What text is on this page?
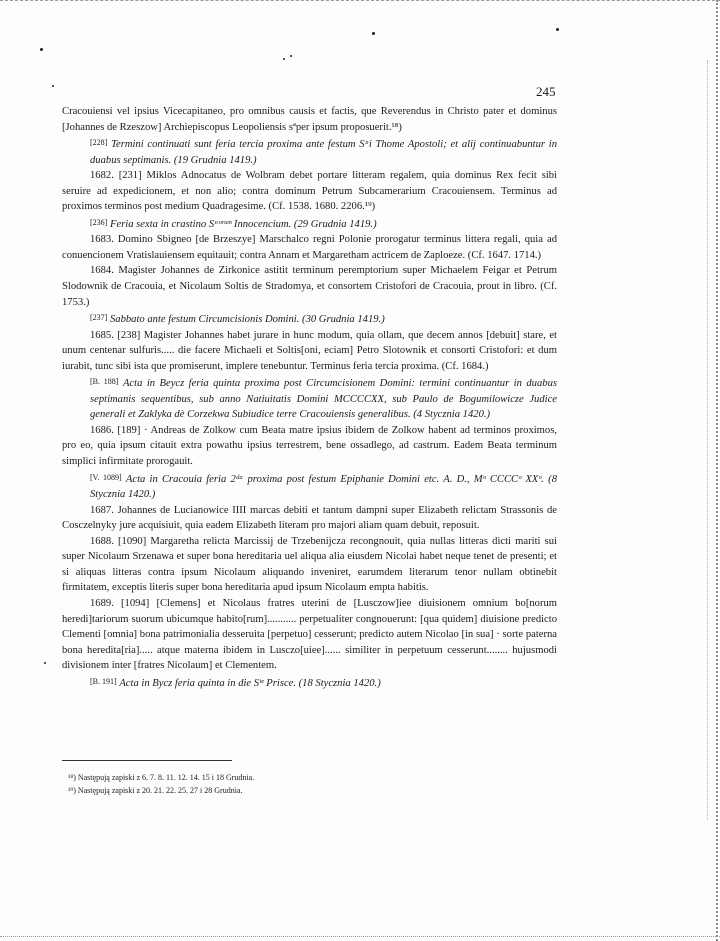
245

Cracouiensi vel ipsius Vicecapitaneo, pro omnibus causis et factis, que Reverendus in Christo pater et dominus [Johannes de Rzeszow] Archiepiscopus Leopoliensis sªper ipsum proposuerit.¹⁸)

[228] Termini continuati sunt feria tercia proxima ante festum Sᶛi Thome Apostoli; et alij continuabuntur in duabus septimanis. (19 Grudnia 1419.)

1682. [231] Miklos Adnocatus de Wolbram debet portare litteram regalem, quia dominus Rex fecit sibi seruire ad expedicionem, et non alio; contra dominum Petrum Subcamerarium Cracouiensem. Terminus ad proximos terminos post medium Quadragesime. (Cf. 1538. 1680. 2206.¹⁹)

[236] Feria sexta in crastino Sᶛᵒʳᵘᵐ Innocencium. (29 Grudnia 1419.)

1683. Domino Sbigneo [de Brzeszye] Marschalco regni Polonie prorogatur terminus littera regali, quia ad conuencionem Vratislauiensem equitauit; contra Annam et Margaretham actricem de Zaploeze. (Cf. 1647. 1714.)

1684. Magister Johannes de Zirkonice astitit terminum peremptorium super Michaelem Feigar et Petrum Slodownik de Cracouia, et Nicolaum Soltis de Stradomya, et consortem Cristofori de Cracouia, prout in libro. (Cf. 1753.)

[237] Sabbato ante festum Circumcisionis Domini. (30 Grudnia 1419.)

1685. [238] Magister Johannes habet jurare in hunc modum, quia ollam, que decem annos [debuit] stare, et unum centenar sulfuris..... die facere Michaeli et Soltis[oni, eciam] Petro Slotownik et consorti Cristofori: et dum iurabit, tunc sibi ista que promiserunt, implere tenebuntur. Terminus feria tercia proxima. (Cf. 1684.)

[B. 188] Acta in Beycz feria quinta proxima post Circumcisionem Domini: termini continuantur in duabus septimanis sequentibus, sub anno Natiuitatis Domini MCCCCXX, sub Paulo de Bogumilowicze Judice generali et Zaklyka dè Corzekwa Subiudice terre Cracouiensis generalibus. (4 Stycznia 1420.)

1686. [189] · Andreas de Zolkow cum Beata matre ipsius ibidem de Zolkow habent ad terminos proximos, pro eo, quia ipsum citauit extra powathu ipsius terrestrem, bene ossadlego, ad castrum. Eadem Beata terminum simplici infirmitate prorogauit.

[V. 1089] Acta in Cracouia feria 2ᵈᵃ proxima post festum Epiphanie Domini etc. A. D., Mᵒ CCCCᵒ XXᵒ. (8 Stycznia 1420.)

1687. Johannes de Lucianowice IIII marcas debiti et tantum dampni super Elizabeth relictam Strassonis de Cosczelnyky jure acquisiuit, quia eadem Elizabeth literam pro majori aliam quam debuit, reposuit.

1688. [1090] Margaretha relicta Marcissij de Trzebenijcza recongnouit, quia nullas litteras dicti mariti sui super Nicolaum Srzenawa et super bona hereditaria uel aliqua alia eiusdem Nicolai habet neque tenet de presenti; et si aliquas litteras contra ipsum Nicolaum aliquando inveniret, earumdem literarum tenor nullam obtinebit firmitatem, exceptis literis super bona hereditaria apud ipsum Nicolaum empta habitis.

1689. [1094] [Clemens] et Nicolaus fratres uterini de [Lusczow]iee diuisionem omnium bo[norum heredi]tariorum suorum ubicumque habito[rum]........... perpetualiter congnouerunt: [qua quidem] diuisione predicto Clementi [omnia] bona patrimonialia desseruita [perpetuo] cesserunt; predicto autem Nicolao [in sua] · sorte paterna bona heredita[ria]..... atque materna ibidem in Lusczo[uiee]...... similiter in perpetuum cesserunt........ hujusmodi divisionem inter [fratres Nicolaum] et Clementem.

[B. 191] Acta in Bycz feria quinta in die Sᵗᵉ Prisce. (18 Stycznia 1420.)

¹⁸) Następują zapiski z 6. 7. 8. 11. 12. 14. 15 i 18 Grudnia.

¹⁹) Następują zapiski z 20. 21. 22. 25. 27 i 28 Grudnia.
